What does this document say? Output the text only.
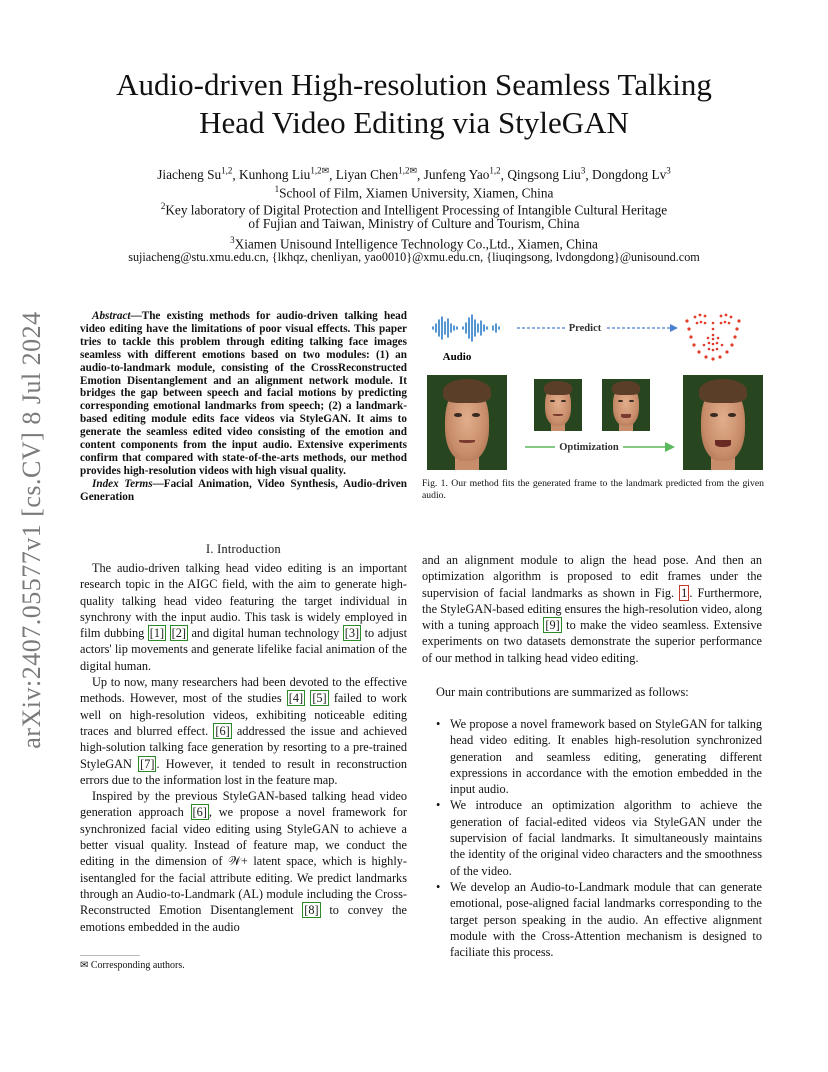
arXiv:2407.05577v1 [cs.CV] 8 Jul 2024
Audio-driven High-resolution Seamless Talking
Head Video Editing via StyleGAN
Jiacheng Su$^{1,2}$, Kunhong Liu$^{1,2✉}$, Liyan Chen$^{1,2✉}$, Junfeng Yao$^{1,2}$, Qingsong Liu$^3$, Dongdong Lv$^3$
$^1$School of Film, Xiamen University, Xiamen, China
$^2$Key laboratory of Digital Protection and Intelligent Processing of Intangible Cultural Heritage
of Fujian and Taiwan, Ministry of Culture and Tourism, China
$^3$Xiamen Unisound Intelligence Technology Co.,Ltd., Xiamen, China
sujiacheng@stu.xmu.edu.cn, {lkhqz, chenliyan, yao0010}@xmu.edu.cn, {liuqingsong, lvdongdong}@unisound.com
Abstract—The existing methods for audio-driven talking head video editing have the limitations of poor visual effects. This paper tries to tackle this problem through editing talking face images seamless with different emotions based on two modules: (1) an audio-to-landmark module, consisting of the CrossReconstructed Emotion Disentanglement and an alignment network module. It bridges the gap between speech and facial motions by predicting corresponding emotional landmarks from speech; (2) a landmark-based editing module edits face videos via StyleGAN. It aims to generate the seamless edited video consisting of the emotion and content components from the input audio. Extensive experiments confirm that compared with state-of-the-arts methods, our method provides high-resolution videos with high visual quality.
Index Terms—Facial Animation, Video Synthesis, Audio-driven Generation
I. Introduction

The audio-driven talking head video editing is an important research topic in the AIGC field, with the aim to generate high-quality talking head video featuring the target individual in synchrony with the input audio. This task is widely employed in film dubbing [1] [2] and digital human technology [3] to adjust actors' lip movements and generate lifelike facial animation of the digital human.

Up to now, many researchers had been devoted to the effective methods. However, most of the studies [4] [5] failed to work well on high-resolution videos, exhibiting noticeable editing traces and blurred effect. [6] addressed the issue and achieved high-solution talking face generation by resorting to a pre-trained StyleGAN [7] . However, it tended to result in reconstruction errors due to the information lost in the feature map.

Inspired by the previous StyleGAN-based talking head video generation approach [6] , we propose a novel framework for synchronized facial video editing using StyleGAN to achieve a better visual quality. Instead of feature map, we conduct the editing in the dimension of 𝒲+ latent space, which is highly-isentangled for the facial attribute editing. We predict landmarks through an Audio-to-Landmark (AL) module including the Cross-Reconstructed Emotion Disentanglement [8] to convey the emotions embedded in the audio

✉ Corresponding authors.
Audio
Predict
Optimization
Fig. 1. Our method fits the generated frame to the landmark predicted from the given audio.

and an alignment module to align the head pose. And then an optimization algorithm is proposed to edit frames under the supervision of facial landmarks as shown in Fig. 1 . Furthermore, the StyleGAN-based editing ensures the high-resolution video, along with a tuning approach [9] to make the video seamless. Extensive experiments on two datasets demonstrate the superior performance of our method in talking head video editing.

Our main contributions are summarized as follows:
• We propose a novel framework based on StyleGAN for talking head video editing. It enables high-resolution synchronized generation and seamless editing, generating different expressions in accordance with the emotion embedded in the input audio.
• We introduce an optimization algorithm to achieve the generation of facial-edited videos via StyleGAN under the supervision of facial landmarks. It simultaneously maintains the identity of the original video characters and the smoothness of the video.
• We develop an Audio-to-Landmark module that can generate emotional, pose-aligned facial landmarks corresponding to the target person speaking in the audio. An effective alignment module with the Cross-Attention mechanism is designed to faciliate this process.
